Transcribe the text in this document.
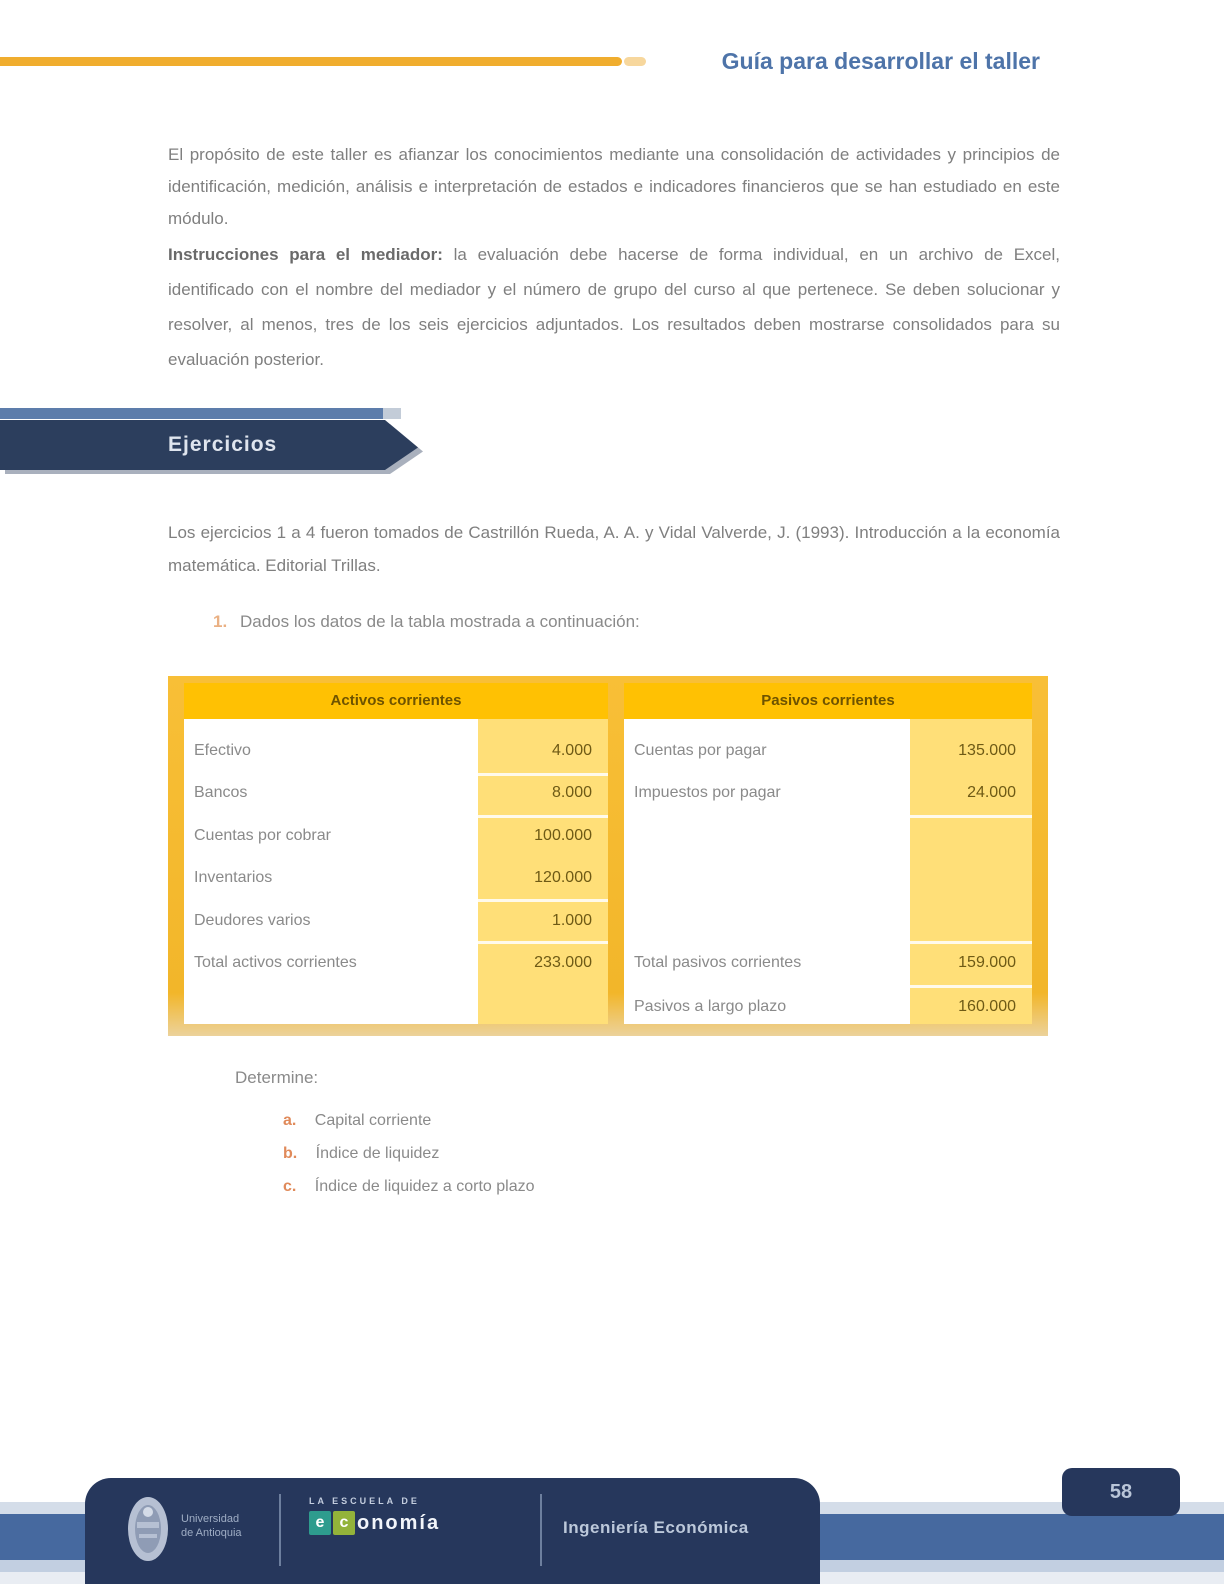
Guía para desarrollar el taller
El propósito de este taller es afianzar los conocimientos mediante una consolidación de actividades y principios de identificación, medición, análisis e interpretación de estados e indicadores financieros que se han estudiado en este módulo.
Instrucciones para el mediador: la evaluación debe hacerse de forma individual, en un archivo de Excel, identificado con el nombre del mediador y el número de grupo del curso al que pertenece. Se deben solucionar y resolver, al menos, tres de los seis ejercicios adjuntados. Los resultados deben mostrarse consolidados para su evaluación posterior.
Ejercicios
Los ejercicios 1 a 4 fueron tomados de Castrillón Rueda, A. A. y Vidal Valverde, J. (1993). Introducción a la economía matemática. Editorial Trillas.
1. Dados los datos de la tabla mostrada a continuación:
Activos corrientes
Efectivo	4.000
Bancos	8.000
Cuentas por cobrar	100.000
Inventarios	120.000
Deudores varios	1.000
Total activos corrientes	233.000
Pasivos corrientes
Cuentas por pagar	135.000
Impuestos por pagar	24.000
Total pasivos corrientes	159.000
Pasivos a largo plazo	160.000
Determine:
a. Capital corriente
b. Índice de liquidez
c. Índice de liquidez a corto plazo
Universidad
de Antioquia
LA ESCUELA DE
e c onomía	Ingeniería Económica
58
